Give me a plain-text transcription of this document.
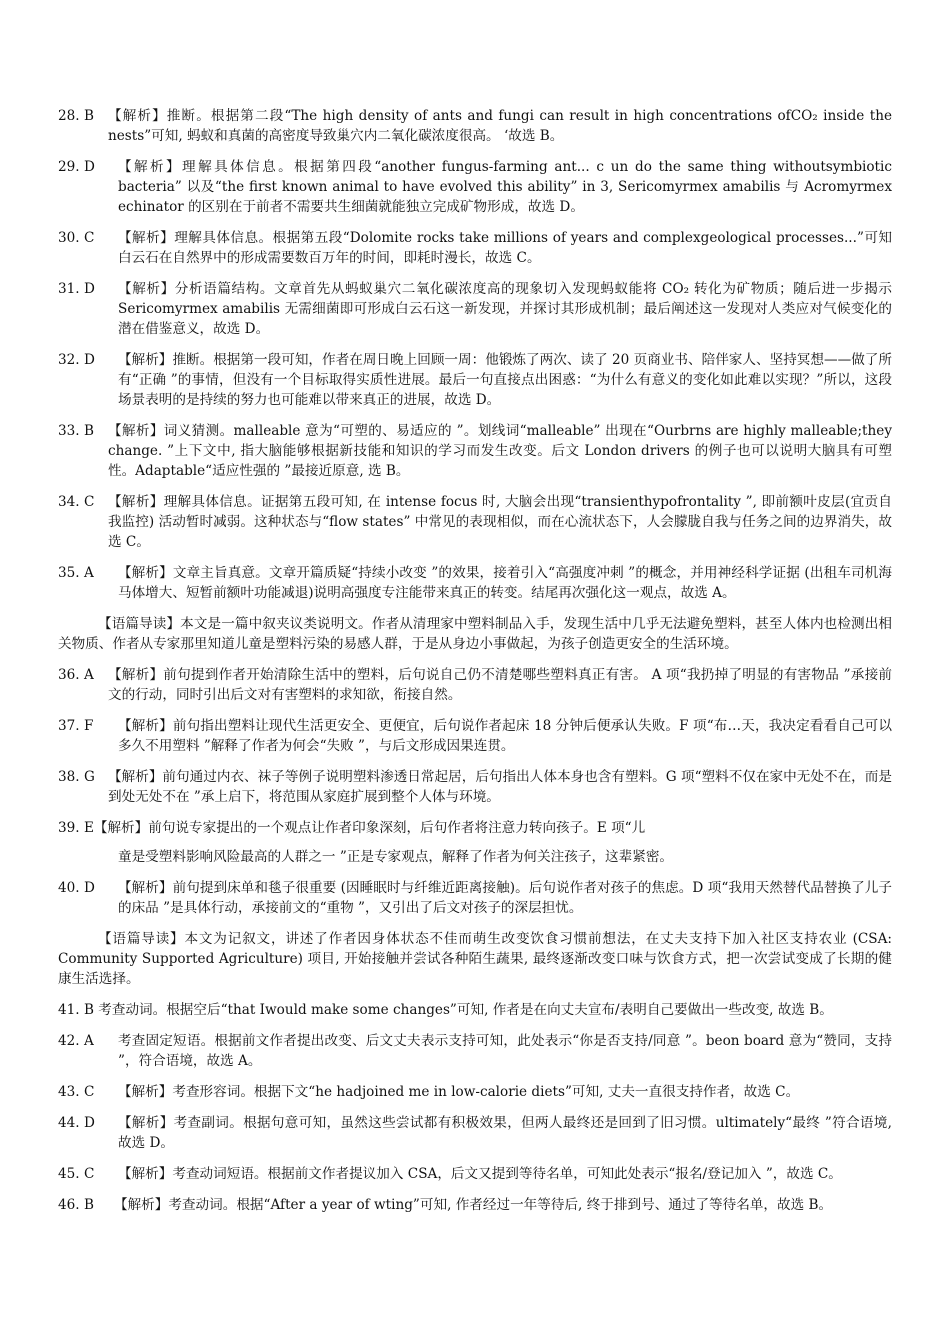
28. B	【解析】推断。根据第二段“The high density of ants and fungi can result in high concentrations ofCO₂ inside the nests”可知, 蚂蚁和真菌的高密度导致巢穴内二氧化碳浓度很高。 ‘故选 B。
29. D	【解析】理解具体信息。根据第四段“another fungus-farming ant... c un do the same thing withoutsymbiotic bacteria” 以及“the first known animal to have evolved this ability” in 3, Sericomyrmex amabilis 与 Acromyrmex echinator 的区别在于前者不需要共生细菌就能独立完成矿物形成，故选 D。
30. C	【解析】理解具体信息。根据第五段“Dolomite rocks take millions of years and complexgeological processes...”可知白云石在自然界中的形成需要数百万年的时间，即耗时漫长，故选 C。
31. D	【解析】分析语篇结构。文章首先从蚂蚁巢穴二氧化碳浓度高的现象切入发现蚂蚁能将 CO₂ 转化为矿物质；随后进一步揭示 Sericomyrmex amabilis 无需细菌即可形成白云石这一新发现，并探讨其形成机制；最后阐述这一发现对人类应对气候变化的潜在借鉴意义，故选 D。
32. D	【解析】推断。根据第一段可知，作者在周日晚上回顾一周：他锻炼了两次、读了 20 页商业书、陪伴家人、坚持冥想——做了所有“正确 ”的事情，但没有一个目标取得实质性进展。最后一句直接点出困惑：“为什么有意义的变化如此难以实现？”所以，这段场景表明的是持续的努力也可能难以带来真正的进展，故选 D。
33. B	【解析】词义猜测。malleable 意为“可塑的、易适应的 ”。划线词“malleable” 出现在“Ourbrns are highly malleable;they change. ”上下文中, 指大脑能够根据新技能和知识的学习而发生改变。后文 London drivers 的例子也可以说明大脑具有可塑性。Adaptable“适应性强的 ”最接近原意, 选 B。
34. C	【解析】理解具体信息。证据第五段可知, 在 intense focus 时, 大脑会出现“transienthypofrontality ”, 即前额叶皮层(宜贡自我监控) 活动暂时减弱。这种状态与“flow states” 中常见的表现相似，而在心流状态下，人会朦胧自我与任务之间的边界消失，故选 C。
35. A	【解析】文章主旨真意。文章开篇质疑“持续小改变 ”的效果，接着引入“高强度冲刺 ”的概念，并用神经科学证据 (出租车司机海马体增大、短暂前额叶功能减退)说明高强度专注能带来真正的转变。结尾再次强化这一观点，故选 A。
【语篇导读】本文是一篇中叙夹议类说明文。作者从清理家中塑料制品入手，发现生活中几乎无法避免塑料，甚至人体内也检测出相关物质、作者从专家那里知道儿童是塑料污染的易感人群，于是从身边小事做起，为孩子创造更安全的生活环境。
36. A	【解析】前句提到作者开始清除生活中的塑料，后句说自己仍不清楚哪些塑料真正有害。 A 项“我扔掉了明显的有害物品 ”承接前文的行动，同时引出后文对有害塑料的求知欲，衔接自然。
37. F	【解析】前句指出塑料让现代生活更安全、更便宜，后句说作者起床 18 分钟后便承认失败。F 项“布…天，我决定看看自己可以多久不用塑料 ”解释了作者为何会“失败 ”，与后文形成因果连贯。
38. G 【解析】前句通过内衣、袜子等例子说明塑料渗透日常起居，后句指出人体本身也含有塑料。G 项“塑料不仅在家中无处不在，而是到处无处不在 ”承上启下，将范围从家庭扩展到整个人体与环境。
39. E【解析】前句说专家提出的一个观点让作者印象深刻，后句作者将注意力转向孩子。E 项“儿
童是受塑料影响风险最高的人群之一 ”正是专家观点，解释了作者为何关注孩子，这辈紧密。
40. D	【解析】前句提到床单和毯子很重要 (因睡眠时与纤维近距离接触)。后句说作者对孩子的焦虑。D 项“我用天然替代品替换了儿子的床品 ”是具体行动，承接前文的“重物 ”，又引出了后文对孩子的深层担忧。
【语篇导读】本文为记叙文，讲述了作者因身体状态不佳而萌生改变饮食习惯前想法，在丈夫支持下加入社区支持农业 (CSA: Community Supported Agriculture) 项目, 开始接触并尝试各种陌生蔬果, 最终逐渐改变口味与饮食方式，把一次尝试变成了长期的健康生活选择。
41. B 考查动词。根据空后“that Iwould make some changes”可知, 作者是在向丈夫宣布/表明自己要做出一些改变, 故选 B。
42. A	考查固定短语。根据前文作者提出改变、后文丈夫表示支持可知，此处表示“你是否支持/同意 ”。beon board 意为“赞同，支持 ”，符合语境，故选 A。
43. C	【解析】考查形容词。根据下文“he hadjoined me in low-calorie diets”可知, 丈夫一直很支持作者，故选 C。
44. D	【解析】考查副词。根据句意可知，虽然这些尝试都有积极效果，但两人最终还是回到了旧习惯。ultimately“最终 ”符合语境, 故选 D。
45. C	【解析】考查动词短语。根据前文作者提议加入 CSA，后文又提到等待名单，可知此处表示“报名/登记加入 ”，故选 C。
46. B	【解析】考查动词。根据“After a year of wting”可知, 作者经过一年等待后, 终于排到号、通过了等待名单，故选 B。
